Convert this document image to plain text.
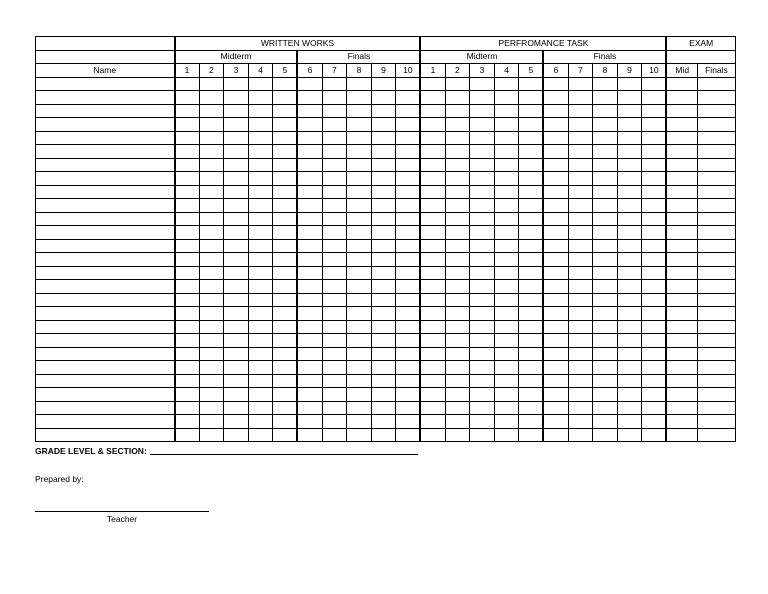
	WRITTEN WORKS										PERFROMANCE TASK										EXAM	
	Midterm					Finals					Midterm					Finals						
Name	1	2	3	4	5	6	7	8	9	10	1	2	3	4	5	6	7	8	9	10	Mid	Finals

GRADE LEVEL & SECTION:
Prepared by:
Teacher
